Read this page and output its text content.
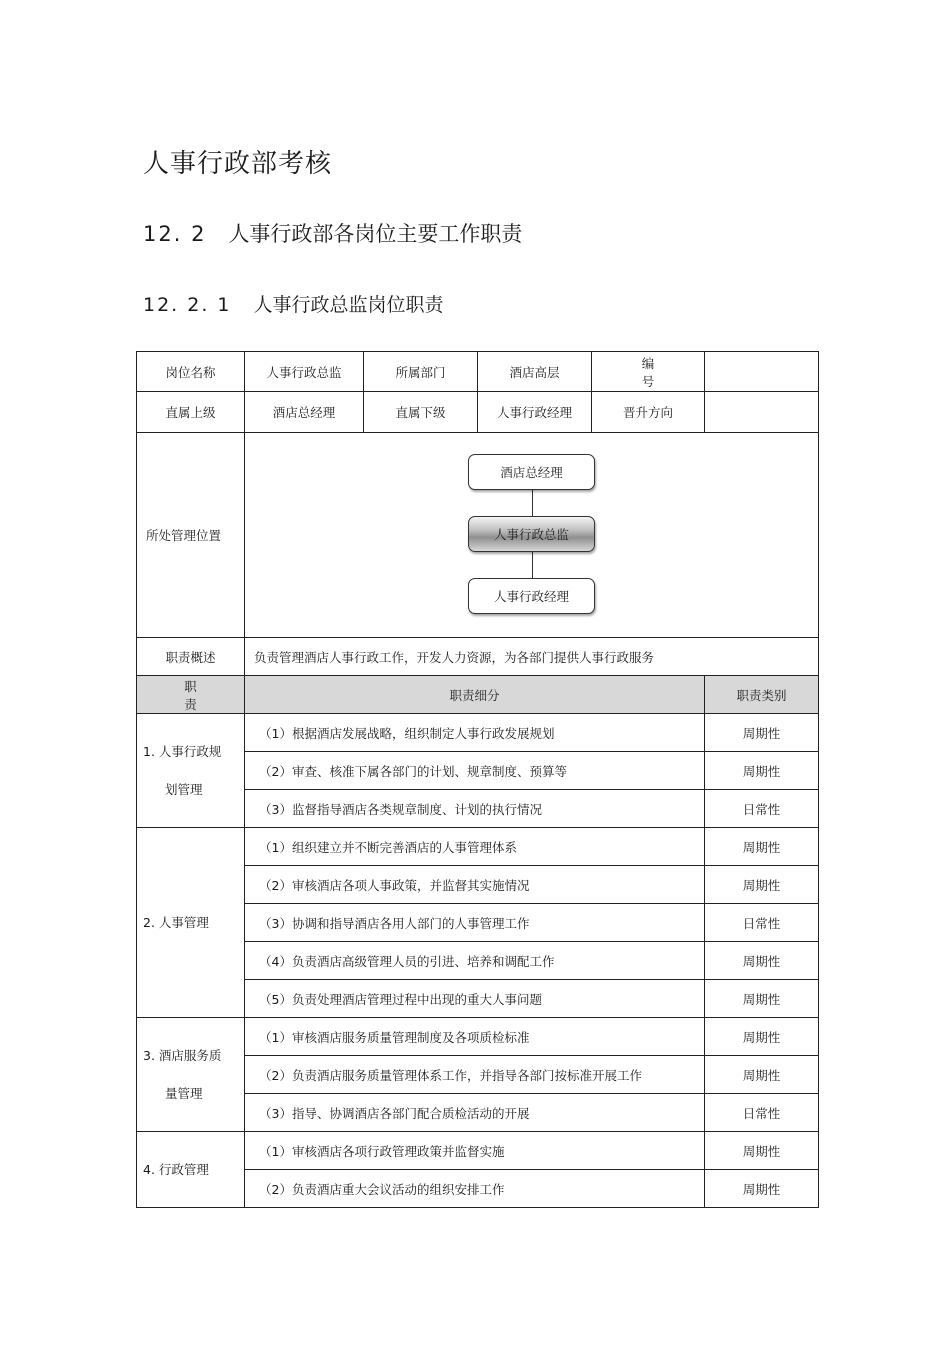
人事行政部考核
12. 2 人事行政部各岗位主要工作职责
12. 2. 1 人事行政总监岗位职责
岗位名称	人事行政总监	所属部门	酒店高层	编号	
直属上级	酒店总经理	直属下级	人事行政经理	晋升方向	
所处管理位置	酒店总经理
人事行政总监
人事行政经理				

职责概述	负责管理酒店人事行政工作，开发人力资源，为各部门提供人事行政服务				
职责	职责细分				职责类别

1. 人事行政规
划管理	（1）根据酒店发展战略，组织制定人事行政发展规划				周期性
	（2）审查、核准下属各部门的计划、规章制度、预算等				周期性
	（3）监督指导酒店各类规章制度、计划的执行情况				日常性

2. 人事管理	（1）组织建立并不断完善酒店的人事管理体系				周期性
	（2）审核酒店各项人事政策，并监督其实施情况				周期性
	（3）协调和指导酒店各用人部门的人事管理工作				日常性
	（4）负责酒店高级管理人员的引进、培养和调配工作				周期性
	（5）负责处理酒店管理过程中出现的重大人事问题				周期性

3. 酒店服务质
量管理	（1）审核酒店服务质量管理制度及各项质检标准				周期性
	（2）负责酒店服务质量管理体系工作，并指导各部门按标准开展工作				周期性
	（3）指导、协调酒店各部门配合质检活动的开展				日常性

4. 行政管理	（1）审核酒店各项行政管理政策并监督实施				周期性
	（2）负责酒店重大会议活动的组织安排工作				周期性
